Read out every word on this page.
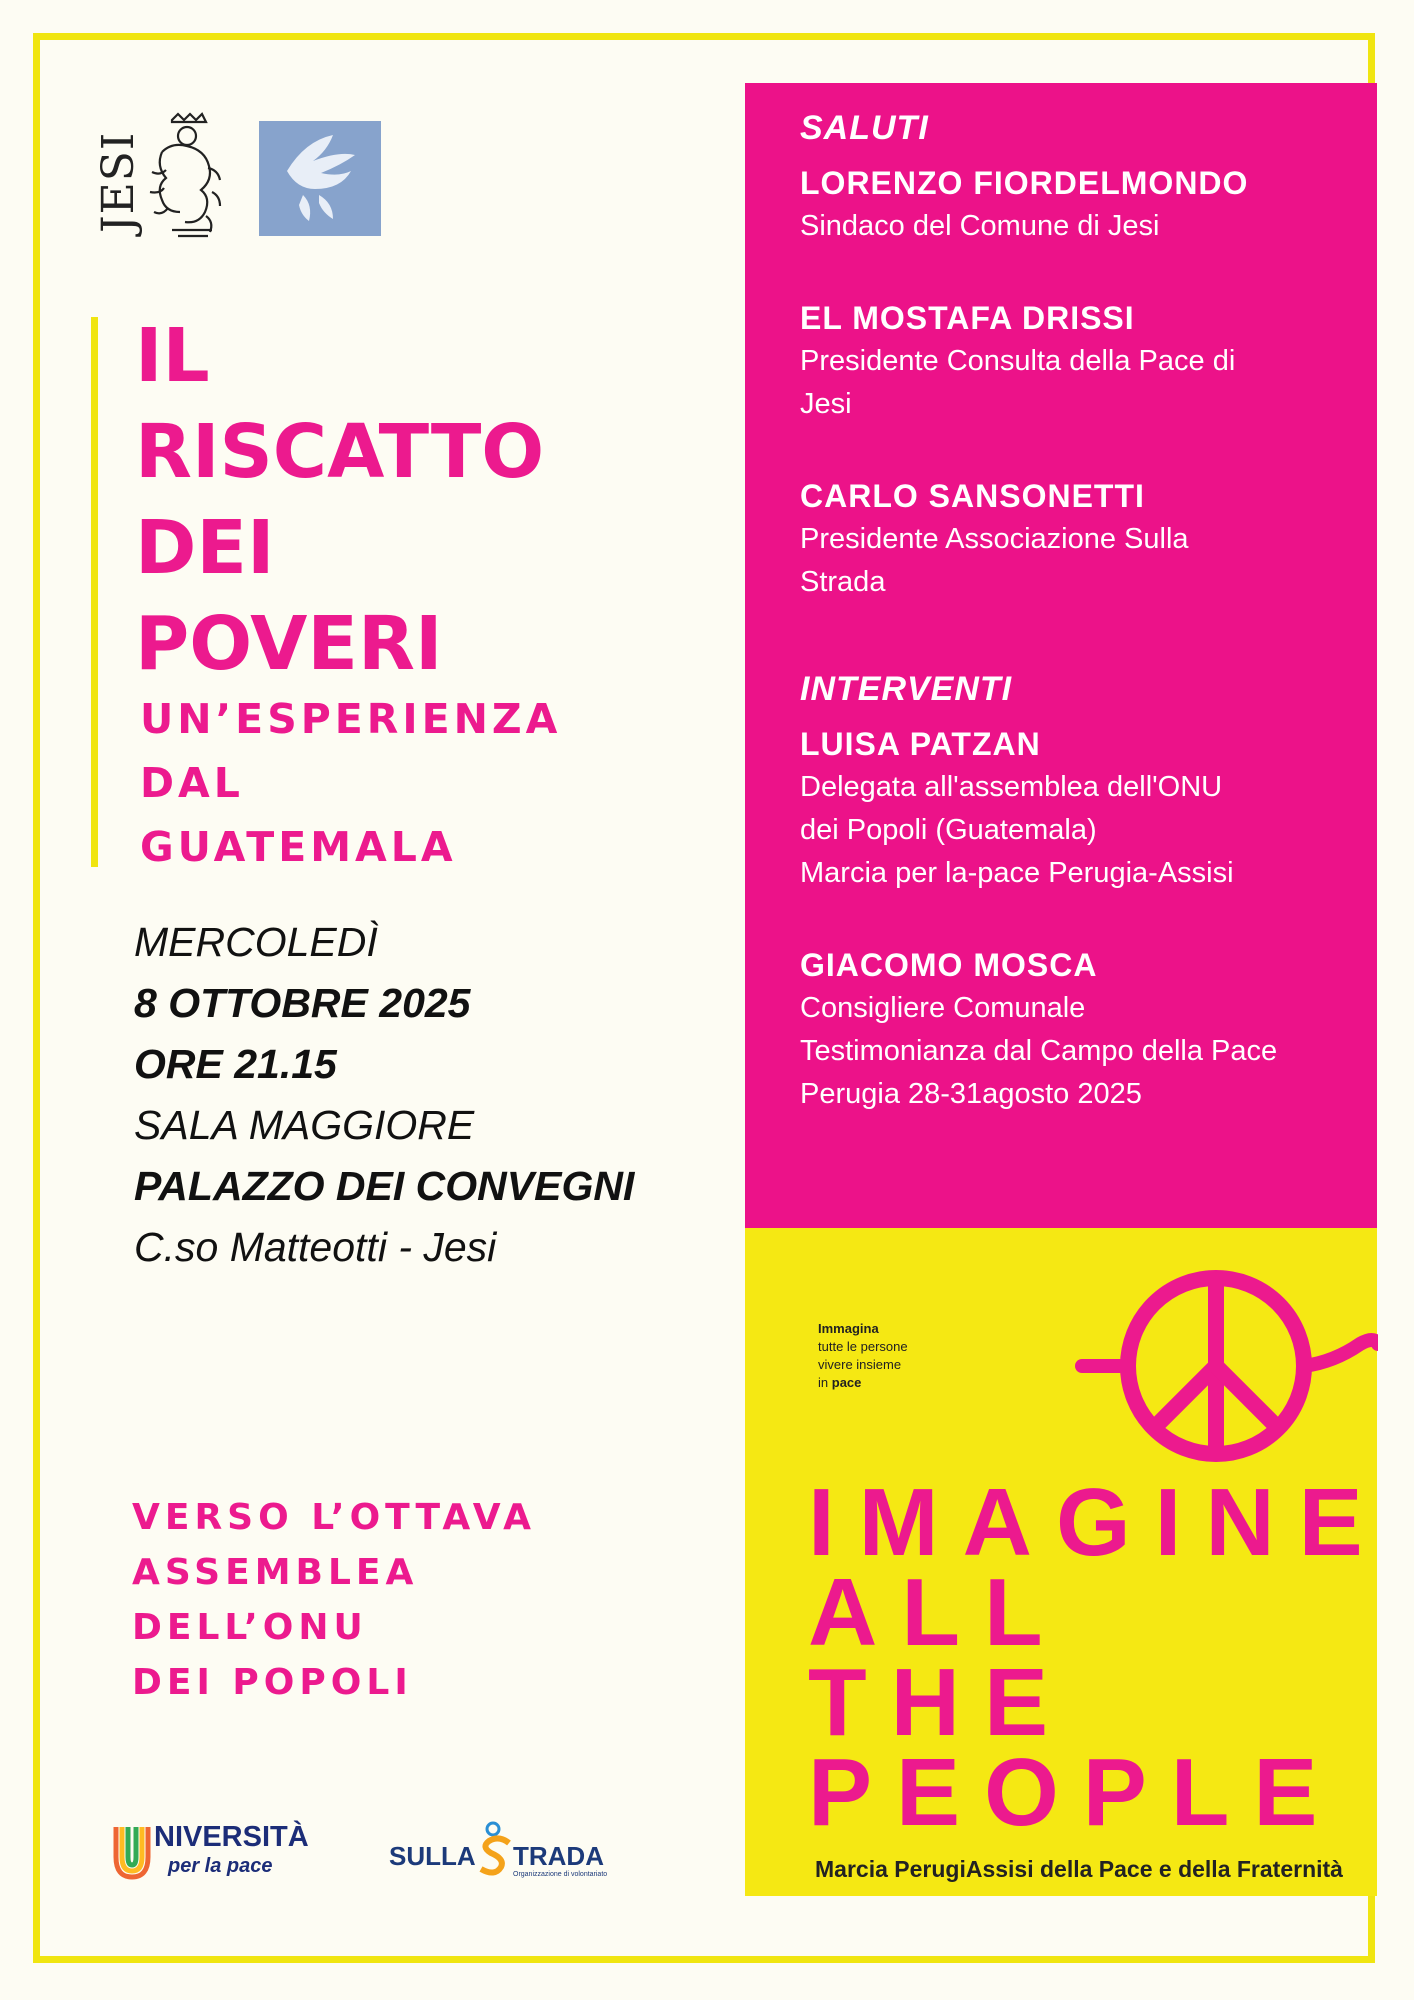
JESI
IL
RISCATTO
DEI
POVERI
UN’ESPERIENZA
DAL
GUATEMALA
MERCOLEDÌ
8 OTTOBRE 2025
ORE 21.15
SALA MAGGIORE
PALAZZO DEI CONVEGNI
C.so Matteotti - Jesi
VERSO L’OTTAVA
ASSEMBLEA
DELL’ONU
DEI POPOLI
NIVERSITÀ
per la pace	SULLA TRADA
Organizzazione di volontariato
SALUTI
LORENZO FIORDELMONDO
Sindaco del Comune di Jesi
EL MOSTAFA DRISSI
Presidente Consulta della Pace di
Jesi
CARLO SANSONETTI
Presidente Associazione Sulla
Strada
INTERVENTI
LUISA PATZAN
Delegata all'assemblea dell'ONU
dei Popoli (Guatemala)
Marcia per la-pace Perugia-Assisi
GIACOMO MOSCA
Consigliere Comunale
Testimonianza dal Campo della Pace
Perugia 28-31agosto 2025
Immagina
tutte le persone
vivere insieme
in pace
IMAGINE
ALL
THE
PEOPLE
Marcia PerugiAssisi della Pace e della Fraternità
